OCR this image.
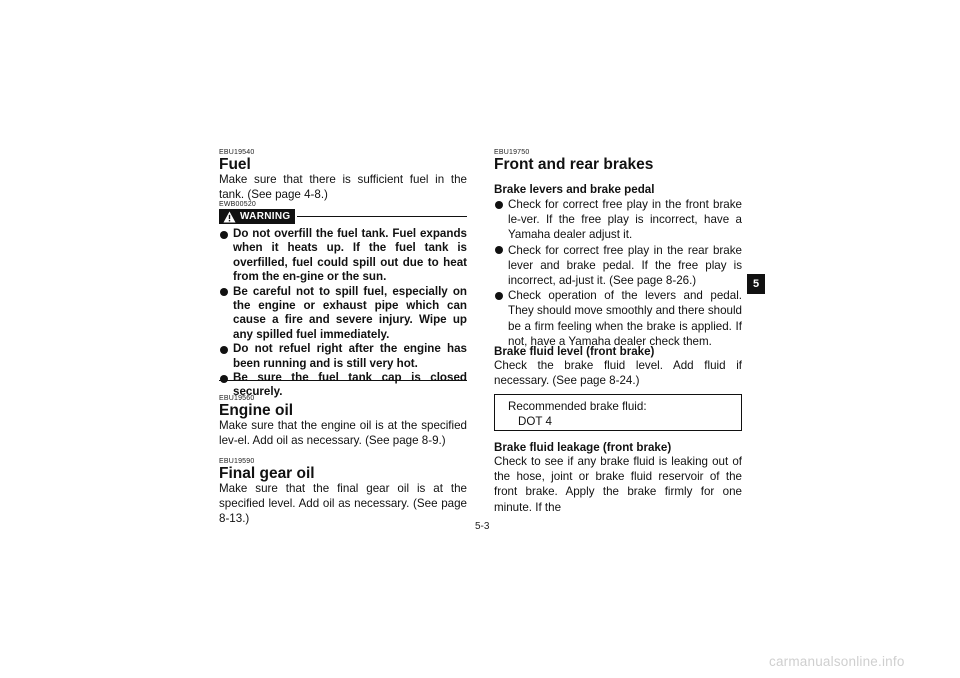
EBU19540
Fuel
Make sure that there is sufficient fuel in the tank. (See page 4-8.)
EWB00520
WARNING
Do not overfill the fuel tank. Fuel expands when it heats up. If the fuel tank is overfilled, fuel could spill out due to heat from the en-gine or the sun.
Be careful not to spill fuel, especially on the engine or exhaust pipe which can cause a fire and severe injury. Wipe up any spilled fuel immediately.
Do not refuel right after the engine has been running and is still very hot.
Be sure the fuel tank cap is closed securely.
EBU19560
Engine oil
Make sure that the engine oil is at the specified lev-el. Add oil as necessary. (See page 8-9.)
EBU19590
Final gear oil
Make sure that the final gear oil is at the specified level. Add oil as necessary. (See page 8-13.)
EBU19750
Front and rear brakes
Brake levers and brake pedal
Check for correct free play in the front brake le-ver. If the free play is incorrect, have a Yamaha dealer adjust it.
Check for correct free play in the rear brake lever and brake pedal. If the free play is incorrect, ad-just it. (See page 8-26.)
Check operation of the levers and pedal. They should move smoothly and there should be a firm feeling when the brake is applied. If not, have a Yamaha dealer check them.
Brake fluid level (front brake)
Check the brake fluid level. Add fluid if necessary. (See page 8-24.)
Recommended brake fluid:
DOT 4
Brake fluid leakage (front brake)
Check to see if any brake fluid is leaking out of the hose, joint or brake fluid reservoir of the front brake. Apply the brake firmly for one minute. If the
5
5-3
carmanualsonline.info
